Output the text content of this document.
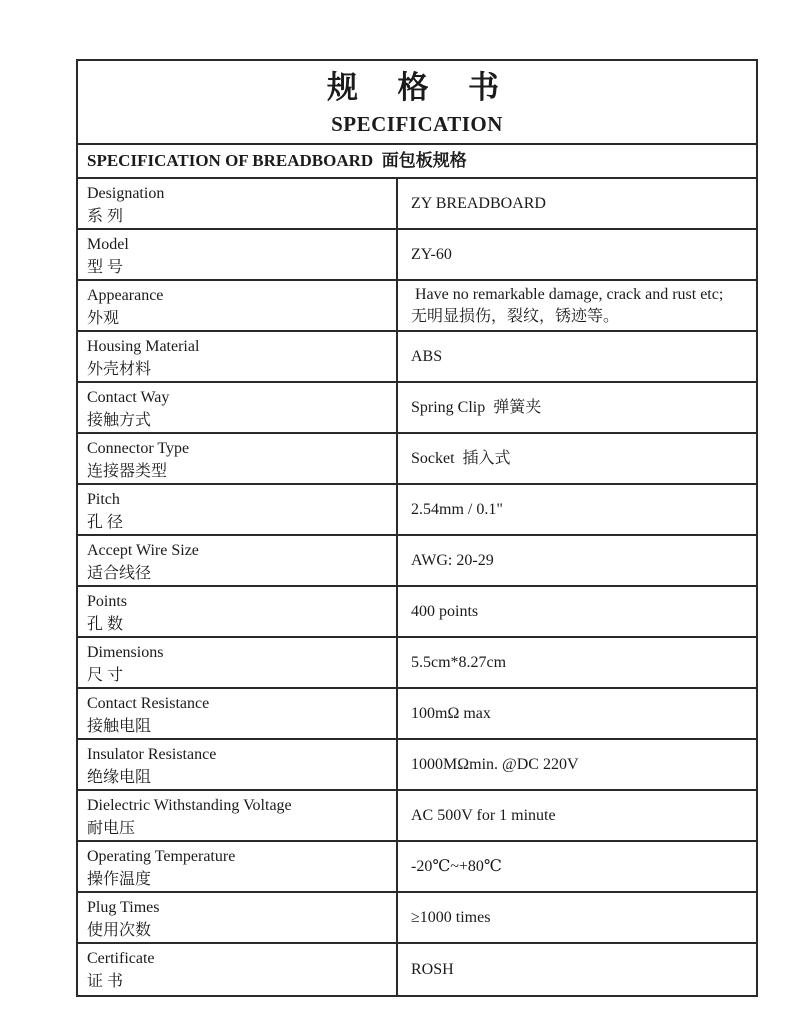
规  格  书
SPECIFICATION
SPECIFICATION OF BREADBOARD  面包板规格
Designation
系 列
ZY BREADBOARD
Model
型 号
ZY-60
Appearance
外观
Have no remarkable damage, crack and rust etc;
无明显损伤，裂纹，锈迹等。
Housing Material
外壳材料
ABS
Contact Way
接触方式
Spring Clip  弹簧夹
Connector Type
连接器类型
Socket  插入式
Pitch
孔 径
2.54mm / 0.1"
Accept Wire Size
适合线径
AWG: 20-29
Points
孔 数
400 points
Dimensions
尺 寸
5.5cm*8.27cm
Contact Resistance
接触电阻
100mΩ max
Insulator Resistance
绝缘电阻
1000MΩmin. @DC 220V
Dielectric Withstanding Voltage
耐电压
AC 500V for 1 minute
Operating Temperature
操作温度
-20℃~+80℃
Plug Times
使用次数
≥1000 times
Certificate
证 书
ROSH
